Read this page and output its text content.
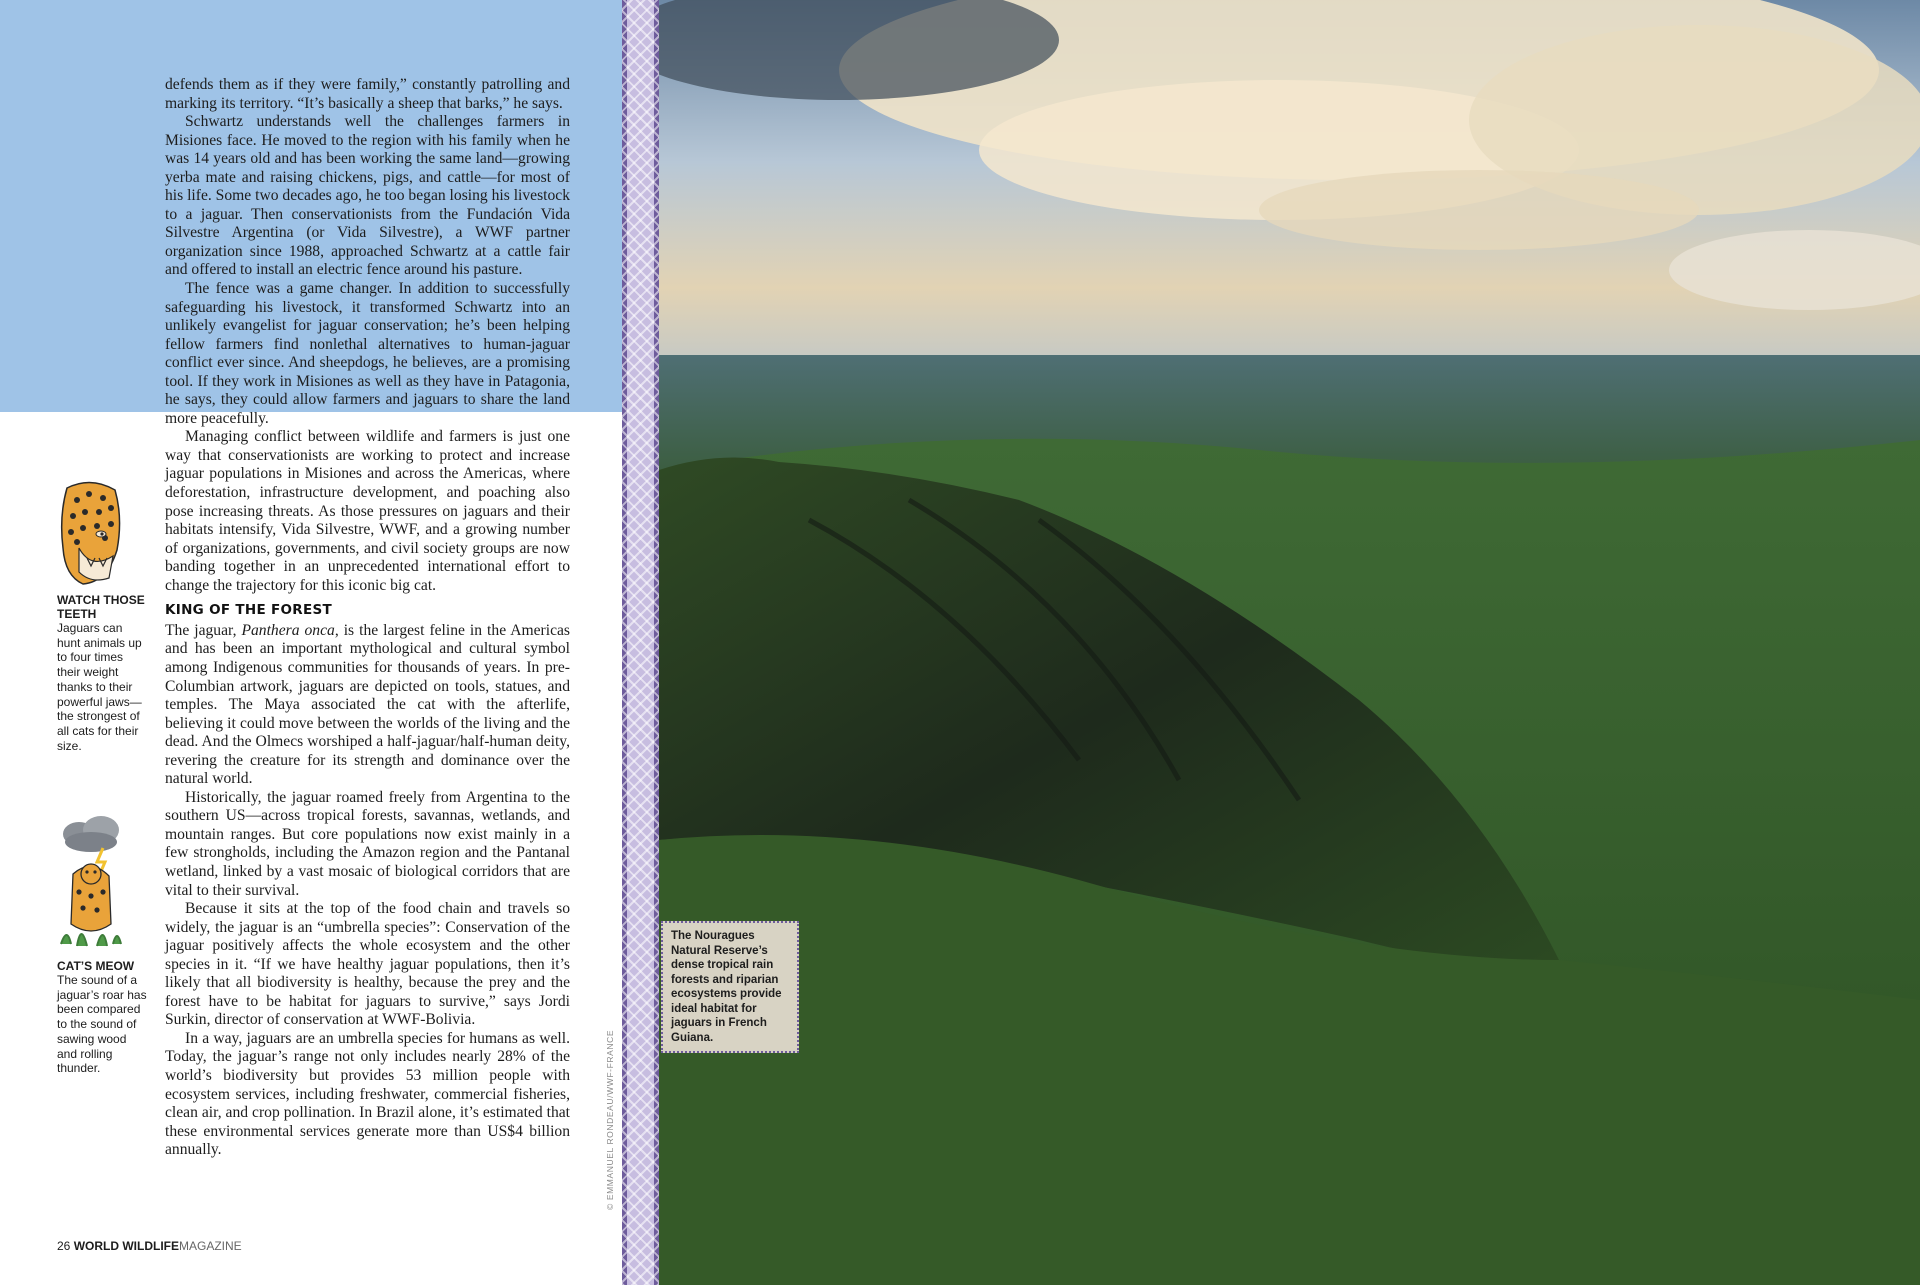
defends them as if they were family,” constantly patrolling and marking its territory. “It’s basically a sheep that barks,” he says.

Schwartz understands well the challenges farmers in Misiones face. He moved to the region with his family when he was 14 years old and has been working the same land—growing yerba mate and raising chickens, pigs, and cattle—for most of his life. Some two decades ago, he too began losing his livestock to a jaguar. Then conservationists from the Fundación Vida Silvestre Argentina (or Vida Silvestre), a WWF partner organization since 1988, approached Schwartz at a cattle fair and offered to install an electric fence around his pasture.

The fence was a game changer. In addition to successfully safeguarding his livestock, it transformed Schwartz into an unlikely evangelist for jaguar conservation; he’s been helping fellow farmers find nonlethal alternatives to human-jaguar conflict ever since. And sheepdogs, he believes, are a promising tool. If they work in Misiones as well as they have in Patagonia, he says, they could allow farmers and jaguars to share the land more peacefully.

Managing conflict between wildlife and farmers is just one way that conservationists are working to protect and increase jaguar populations in Misiones and across the Americas, where deforestation, infrastructure development, and poaching also pose increasing threats. As those pressures on jaguars and their habitats intensify, Vida Silvestre, WWF, and a growing number of organizations, governments, and civil society groups are now banding together in an unprecedented international effort to change the trajectory for this iconic big cat.

KING OF THE FOREST

The jaguar, Panthera onca, is the largest feline in the Americas and has been an important mythological and cultural symbol among Indigenous communities for thousands of years. In pre-Columbian artwork, jaguars are depicted on tools, statues, and temples. The Maya associated the cat with the afterlife, believing it could move between the worlds of the living and the dead. And the Olmecs worshiped a half-jaguar/half-human deity, revering the creature for its strength and dominance over the natural world.

Historically, the jaguar roamed freely from Argentina to the southern US—across tropical forests, savannas, wetlands, and mountain ranges. But core populations now exist mainly in a few strongholds, including the Amazon region and the Pantanal wetland, linked by a vast mosaic of biological corridors that are vital to their survival.

Because it sits at the top of the food chain and travels so widely, the jaguar is an “umbrella species”: Conservation of the jaguar positively affects the whole ecosystem and the other species in it. “If we have healthy jaguar populations, then it’s likely that all biodiversity is healthy, because the prey and the forest have to be habitat for jaguars to survive,” says Jordi Surkin, director of conservation at WWF-Bolivia.

In a way, jaguars are an umbrella species for humans as well. Today, the jaguar’s range not only includes nearly 28% of the world’s biodiversity but provides 53 million people with ecosystem services, including freshwater, commercial fisheries, clean air, and crop pollination. In Brazil alone, it’s estimated that these environmental services generate more than US$4 billion annually.

WATCH THOSE TEETH
Jaguars can hunt animals up to four times their weight thanks to their powerful jaws—the strongest of all cats for their size.
CAT’S MEOW
The sound of a jaguar’s roar has been compared to the sound of sawing wood and rolling thunder.
26 WORLD WILDLIFEMAGAZINE
© EMMANUEL RONDEAU/WWF-FRANCE
The Nouragues Natural Reserve’s dense tropical rain forests and riparian ecosystems provide ideal habitat for jaguars in French Guiana.
